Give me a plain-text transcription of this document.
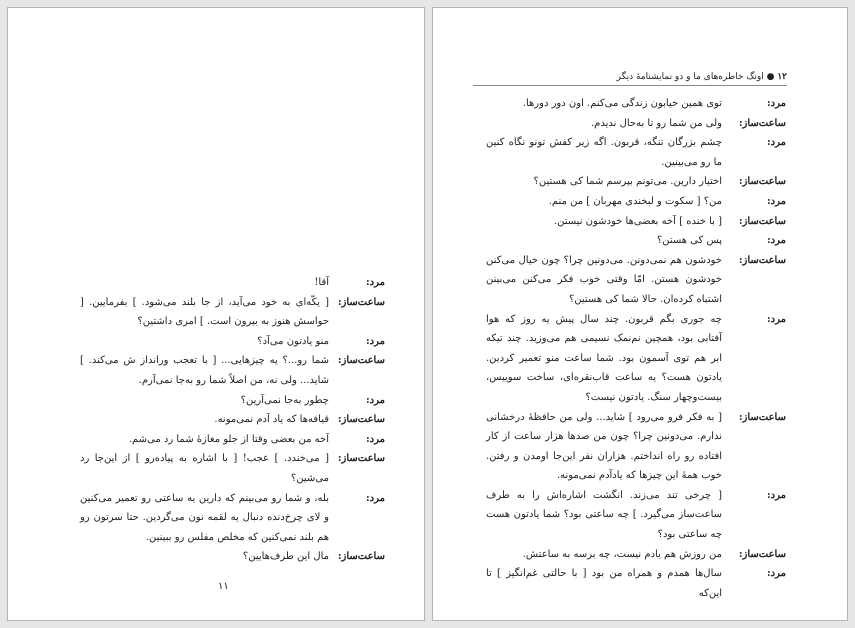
مرد:
آقا!
ساعت‌ساز:
[ یکّه‌ای به خود می‌آید، از جا بلند می‌شود. ] بفرمایین. [ حواسش هنوز به بیرون است. ] امری داشتین؟
مرد:
منو یادتون می‌آد؟
ساعت‌ساز:
شما رو...؟ یه چیزهایی... [ با تعجب ورانداز ش می‌کند. ] شاید... ولی نه، من اصلاً شما رو به‌جا نمی‌آرم.
مرد:
چطور به‌جا نمی‌آرین؟
ساعت‌ساز:
قیافه‌ها که یاد آدم نمی‌مونه.
مرد:
آخه من بعضی وقتا از جلو مغازهٔ شما رد می‌شم.
ساعت‌ساز:
[ می‌خندد. ] عجب! [ با اشاره به پیاده‌رو ] از این‌جا رد می‌شین؟
مرد:
بله، و شما رو می‌بینم که دارین یه ساعتی رو تعمیر می‌کنین و لای چرخ‌دنده دنبال یه لقمه نون می‌گردین. حتا سرتون رو هم بلند نمی‌کنین که مخلص مفلس رو ببینین.
ساعت‌ساز:
مال این طرف‌هایین؟
۱۱
۱۲ ● اونگ خاطره‌های ما و دو نمایشنامهٔ دیگر
مرد:
توی همین خیابون زندگی می‌کنم. اون دور دورها.
ساعت‌ساز:
ولی من شما رو تا به‌حال ندیدم.
مرد:
چشم بزرگان تنگه، قربون. اگه زیر کفش تونو نگاه کنین ما رو می‌بینین.
ساعت‌ساز:
اختیار دارین. می‌تونم بپرسم شما کی هستین؟
مرد:
من؟ [ سکوت و لبخندی مهربان ] من منم.
ساعت‌ساز:
[ با خنده ] آخه بعضی‌ها خودشون نیستن.
مرد:
پس کی هستن؟
ساعت‌ساز:
خودشون هم نمی‌دونن. می‌دونین چرا؟ چون خیال می‌کنن خودشون هستن. امّا وقتی خوب فکر می‌کنن می‌بینن اشتباه کرده‌ان. حالا شما کی هستین؟
مرد:
چه جوری بگم قربون. چند سال پیش یه روز که هوا آفتابی بود، همچین نم‌نمک نسیمی هم می‌وزید. چند تیکه ابر هم توی آسمون بود. شما ساعت منو تعمیر کردین. یادتون هست؟ یه ساعت قاب‌نقره‌ای، ساخت سوییس، بیست‌وچهار سنگ. یادتون نیست؟
ساعت‌ساز:
[ به فکر فرو می‌رود ] شاید... ولی من حافظهٔ درخشانی ندارم. می‌دونین چرا؟ چون من صدها هزار ساعت از کار افتاده رو راه انداختم. هزاران نفر این‌جا اومدن و رفتن. خوب همهٔ این چیزها که یادآدم نمی‌مونه.
مرد:
[ چرخی تند می‌زند. انگشت اشاره‌اش را به طرف ساعت‌ساز می‌گیرد. ] چه ساعتی بود؟ شما یادتون هست چه ساعتی بود؟
ساعت‌ساز:
من روزش هم یادم نیست، چه برسه به ساعتش.
مرد:
سال‌ها همدم و همراه من بود [ با حالتی غم‌انگیز ] تا این‌که
